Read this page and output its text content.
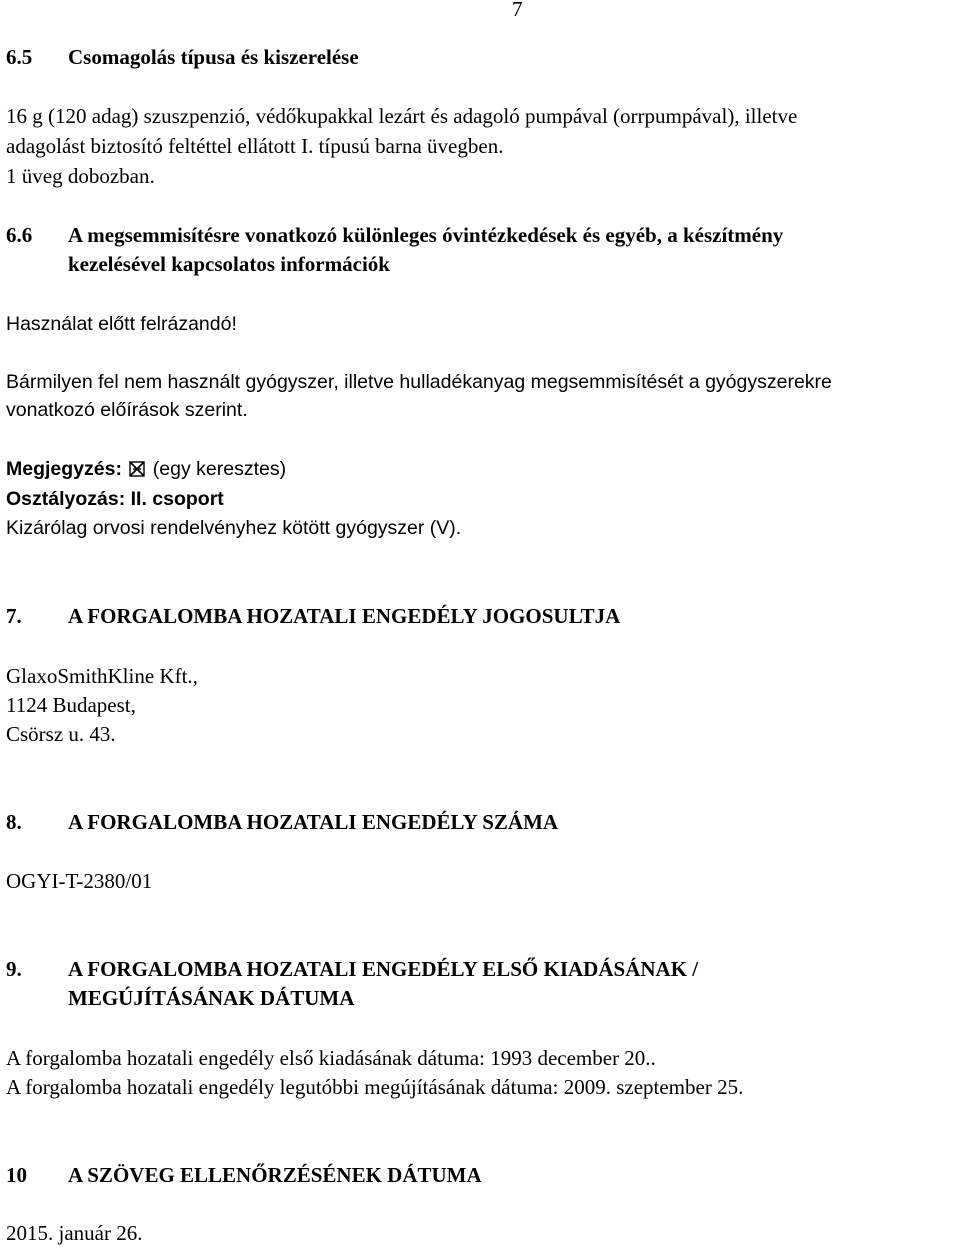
7
6.5 Csomagolás típusa és kiszerelése
16 g (120 adag) szuszpenzió, védőkupakkal lezárt és adagoló pumpával (orrpumpával), illetve
adagolást biztosító feltéttel ellátott I. típusú barna üvegben.
1 üveg dobozban.
6.6 A megsemmisítésre vonatkozó különleges óvintézkedések és egyéb, a készítmény
kezelésével kapcsolatos információk
Használat előtt felrázandó!
Bármilyen fel nem használt gyógyszer, illetve hulladékanyag megsemmisítését a gyógyszerekre
vonatkozó előírások szerint.
Megjegyzés: (egy keresztes)
Osztályozás: II. csoport
Kizárólag orvosi rendelvényhez kötött gyógyszer (V).
7. A FORGALOMBA HOZATALI ENGEDÉLY JOGOSULTJA
GlaxoSmithKline Kft.,
1124 Budapest,
Csörsz u. 43.
8. A FORGALOMBA HOZATALI ENGEDÉLY SZÁMA
OGYI-T-2380/01
9. A FORGALOMBA HOZATALI ENGEDÉLY ELSŐ KIADÁSÁNAK /
MEGÚJÍTÁSÁNAK DÁTUMA
A forgalomba hozatali engedély első kiadásának dátuma: 1993 december 20..
A forgalomba hozatali engedély legutóbbi megújításának dátuma: 2009. szeptember 25.
10 A SZÖVEG ELLENŐRZÉSÉNEK DÁTUMA
2015. január 26.
